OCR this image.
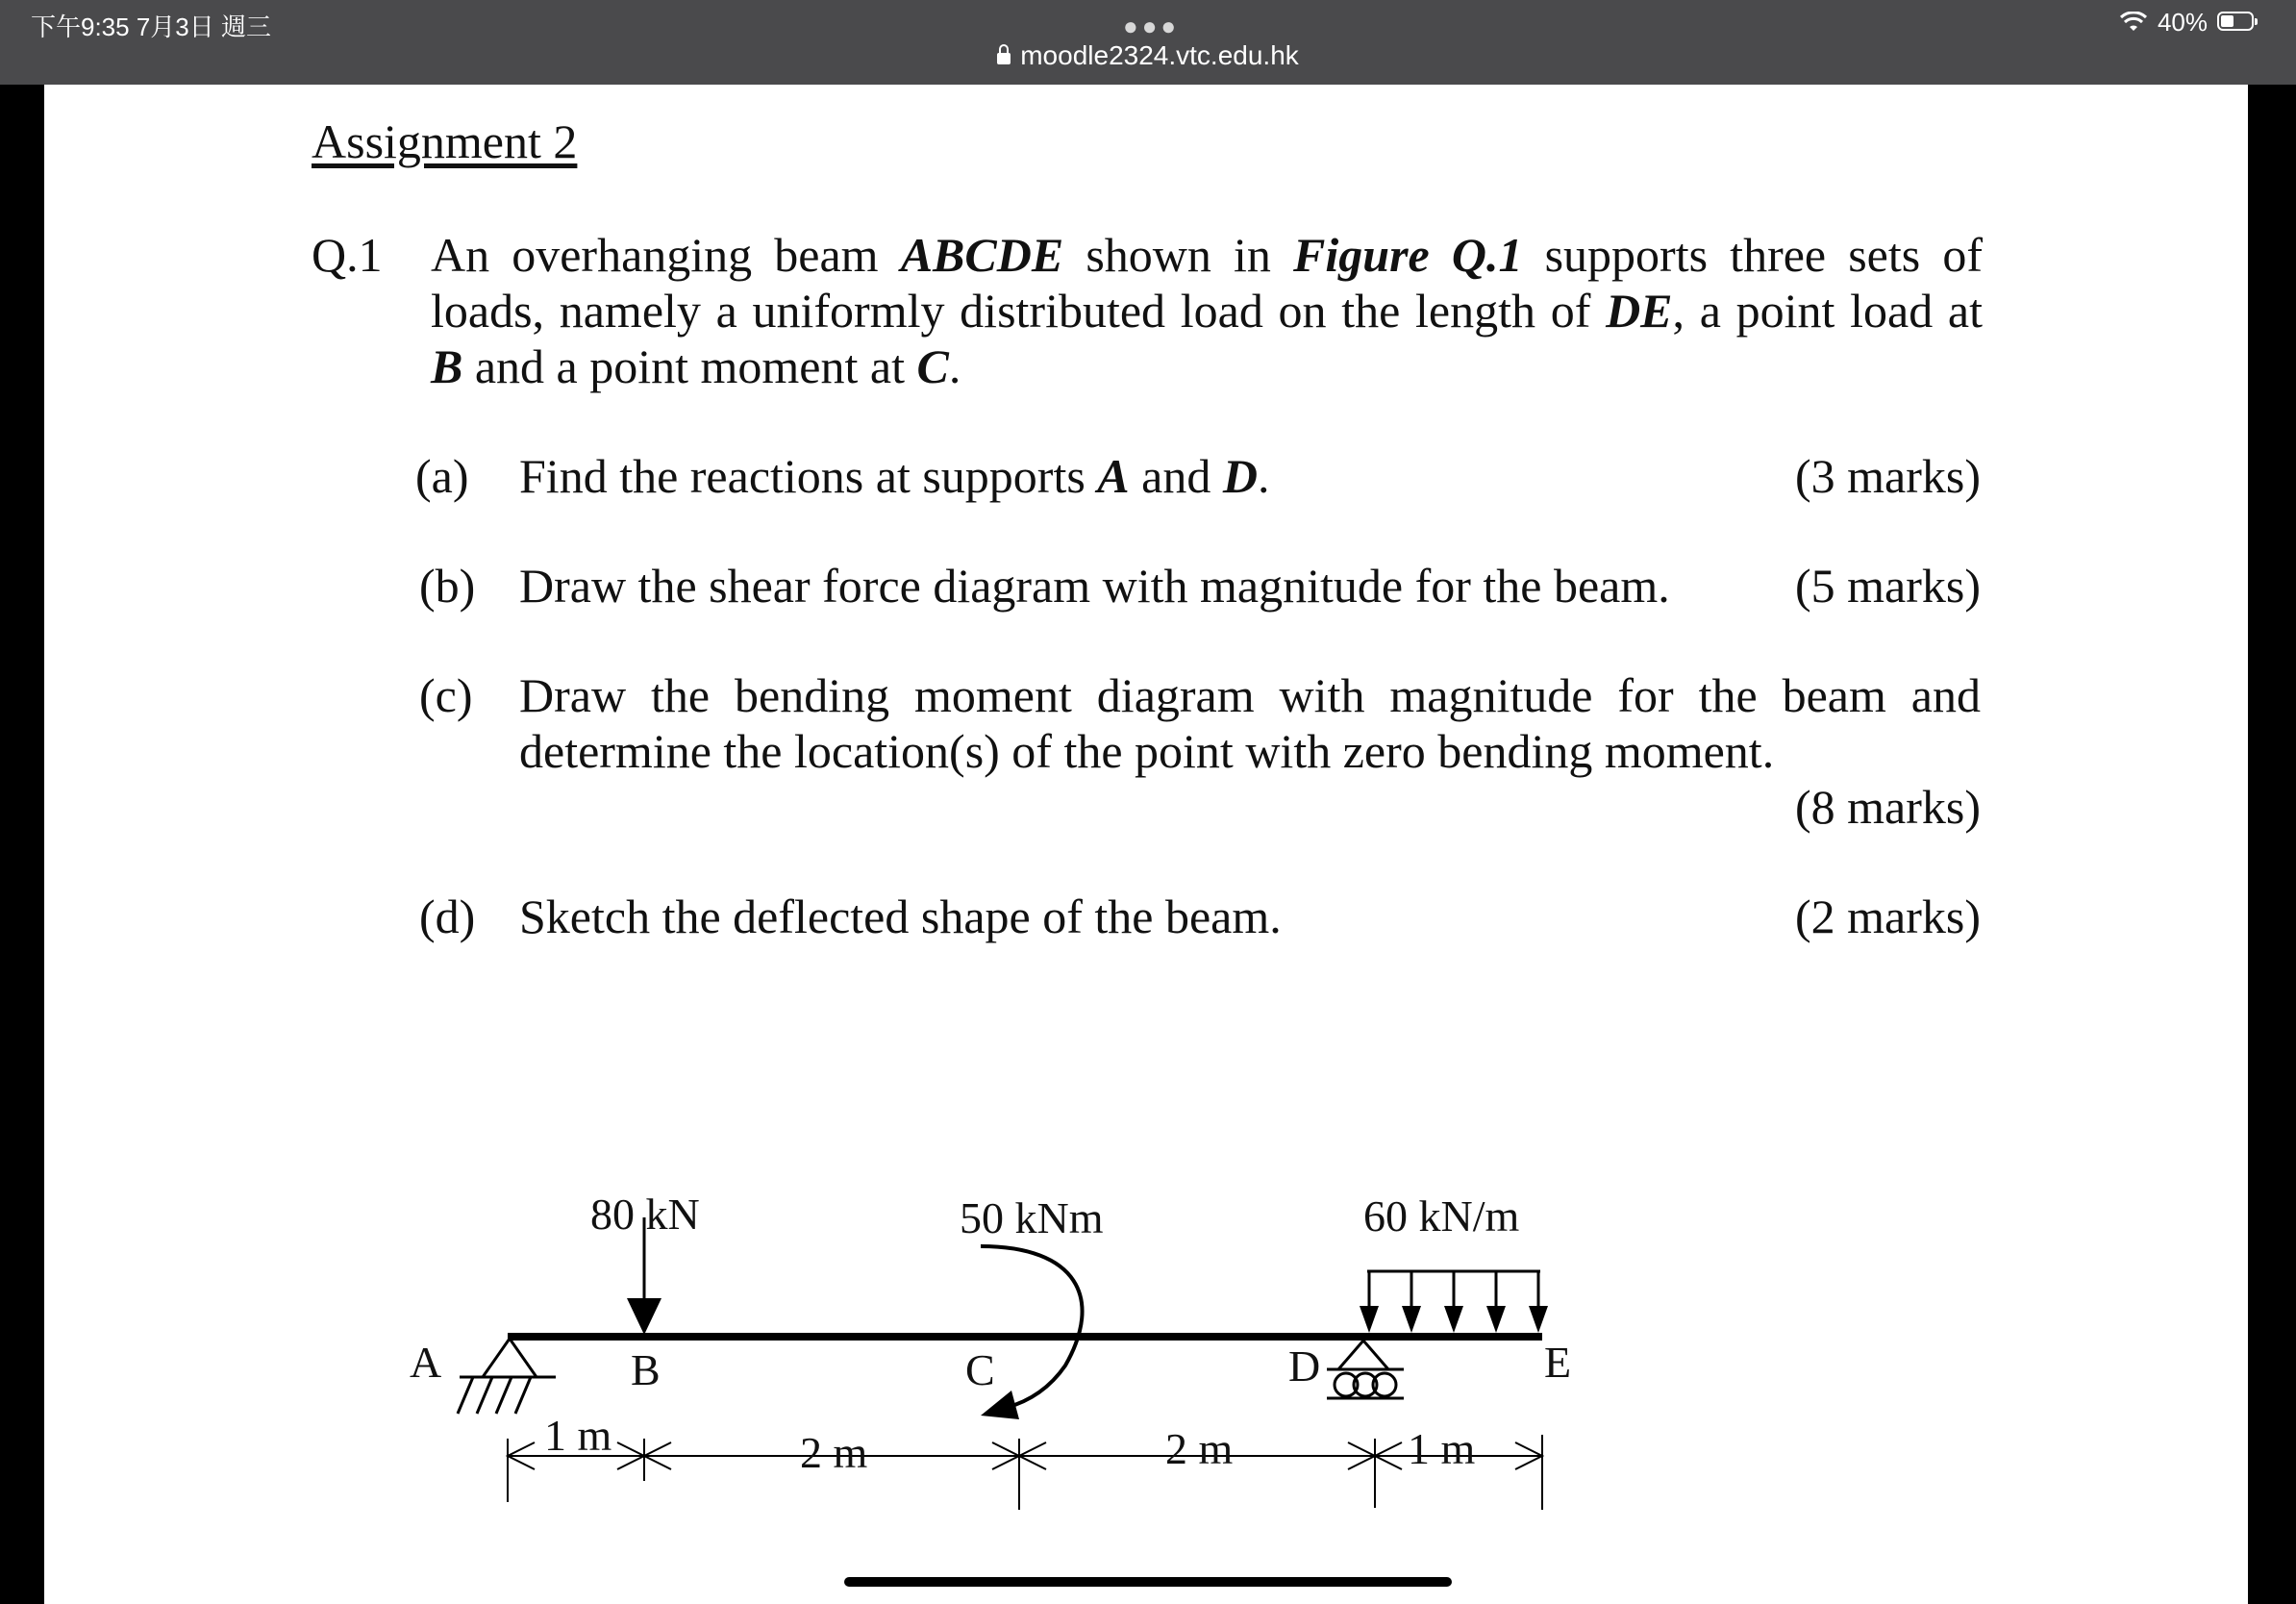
下午9:35 7月3日 週三	●●●
moodle2324.vtc.edu.hk
40%
Assignment 2
Q.1 An overhanging beam ABCDE shown in Figure Q.1 supports three sets of loads, namely a uniformly distributed load on the length of DE, a point load at B and a point moment at C.
(a) Find the reactions at supports A and D.	(3 marks)
(b) Draw the shear force diagram with magnitude for the beam.	(5 marks)
(c) Draw the bending moment diagram with magnitude for the beam and determine the location(s) of the point with zero bending moment.
(8 marks)
(d) Sketch the deflected shape of the beam.	(2 marks)
80 kN	50 kNm	60 kN/m
A	B	C	D	E
1 m	2 m	2 m	1 m
